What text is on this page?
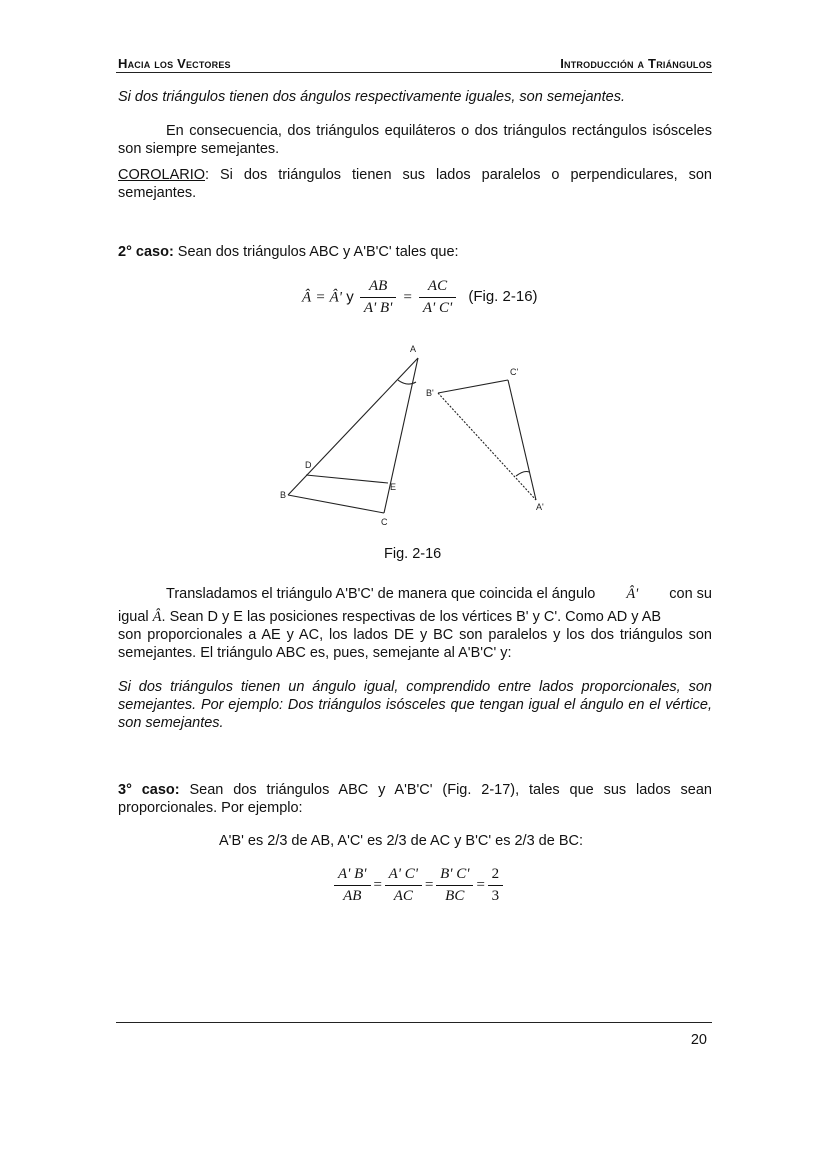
Hacia los Vectores	Introducción a Triángulos
Si dos triángulos tienen dos ángulos respectivamente iguales, son semejantes.
En consecuencia, dos triángulos equiláteros o dos triángulos rectángulos isósceles son siempre semejantes.
COROLARIO: Si dos triángulos tienen sus lados paralelos o perpendiculares, son semejantes.
2° caso: Sean dos triángulos ABC y A'B'C' tales que:
Â = Â' y $\frac{AB}{A' B'} = \frac{AC}{A' C'} (Fig$. 2-16)
A
B
C
D
E
A'
B'
C'
Fig. 2-16
Transladamos el triángulo A'B'C' de manera que coincida el ángulo Â' con su
igual Â. Sean D y E las posiciones respectivas de los vértices B' y C'. Como AD y AB
son proporcionales a AE y AC, los lados DE y BC son paralelos y los dos triángulos son semejantes. El triángulo ABC es, pues, semejante al A'B'C' y:
Si dos triángulos tienen un ángulo igual, comprendido entre lados proporcionales, son semejantes. Por ejemplo: Dos triángulos isósceles que tengan igual el ángulo en el vértice, son semejantes.
3° caso: Sean dos triángulos ABC y A'B'C' (Fig. 2-17), tales que sus lados sean proporcionales. Por ejemplo:
A'B' es 2/3 de AB, A'C' es 2/3 de AC y B'C' es 2/3 de BC:
$\frac{A' B'}{AB} = \frac{A' C'}{AC} = \frac{B' C'}{BC} = \frac{2}{3}$
20
